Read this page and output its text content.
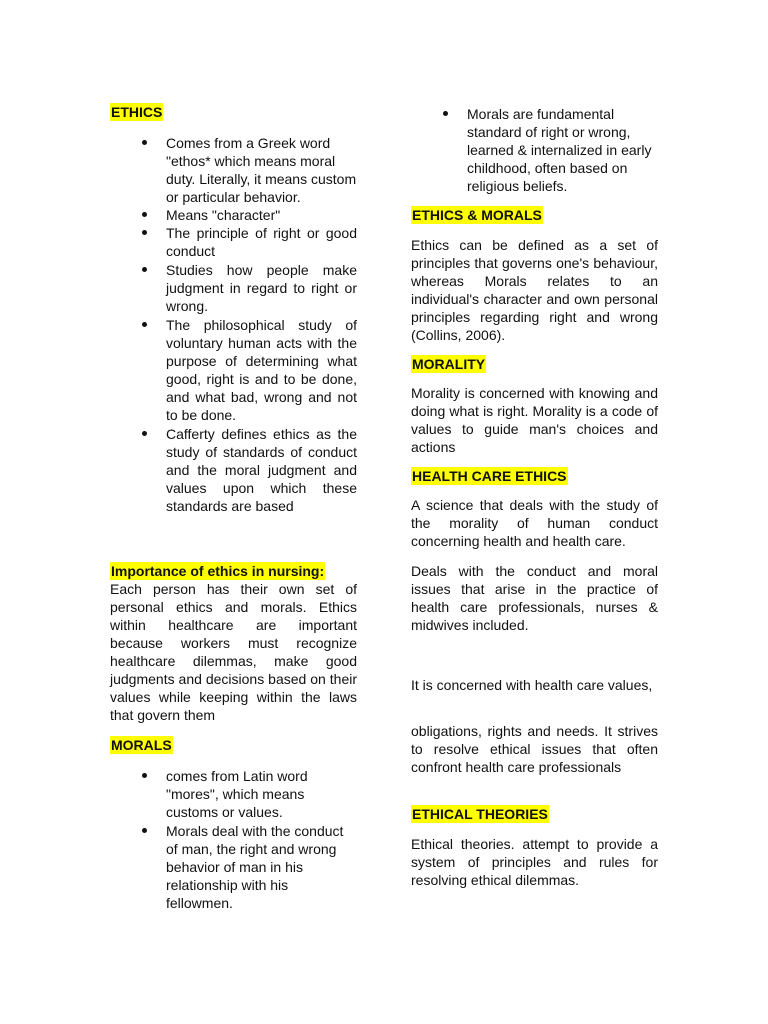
ETHICS
Comes from a Greek word "ethos* which means moral duty. Literally, it means custom or particular behavior.
Means "character"
The principle of right or good conduct
Studies how people make judgment in regard to right or wrong.
The philosophical study of voluntary human acts with the purpose of determining what good, right is and to be done, and what bad, wrong and not to be done.
Cafferty defines ethics as the study of standards of conduct and the moral judgment and values upon which these standards are based
Importance of ethics in nursing:
Each person has their own set of personal ethics and morals. Ethics within healthcare are important because workers must recognize healthcare dilemmas, make good judgments and decisions based on their values while keeping within the laws that govern them
MORALS
comes from Latin word "mores", which means customs or values.
Morals deal with the conduct of man, the right and wrong behavior of man in his relationship with his fellowmen.
Morals are fundamental standard of right or wrong, learned & internalized in early childhood, often based on religious beliefs.
ETHICS & MORALS
Ethics can be defined as a set of principles that governs one's behaviour, whereas Morals relates to an individual's character and own personal principles regarding right and wrong (Collins, 2006).
MORALITY
Morality is concerned with knowing and doing what is right. Morality is a code of values to guide man's choices and actions
HEALTH CARE ETHICS
A science that deals with the study of the morality of human conduct concerning health and health care.
Deals with the conduct and moral issues that arise in the practice of health care professionals, nurses & midwives included.
It is concerned with health care values,
obligations, rights and needs. It strives to resolve ethical issues that often confront health care professionals
ETHICAL THEORIES
Ethical theories. attempt to provide a system of principles and rules for resolving ethical dilemmas.
